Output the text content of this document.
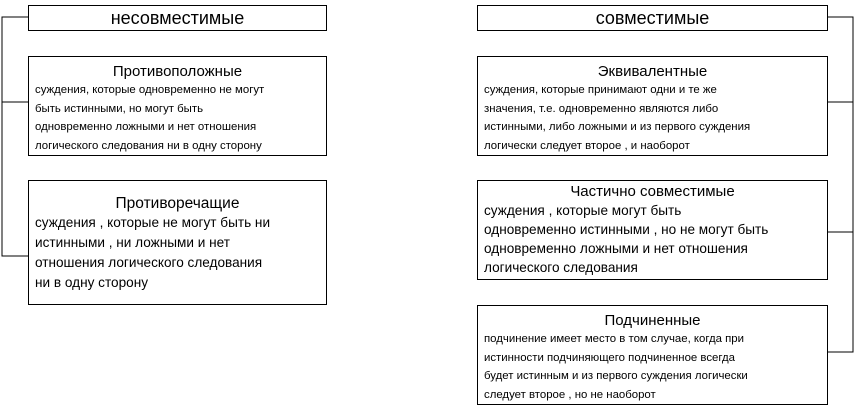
несовместимые
Противоположные
суждения, которые одновременно не могут
быть истинными, но могут быть
одновременно ложными и нет отношения
логического следования ни в одну сторону
Противоречащие
суждения , которые не могут быть ни
истинными , ни ложными и нет
отношения логического следования
ни в одну сторону
совместимые
Эквивалентные
суждения, которые принимают одни и те же
значения, т.е. одновременно являются либо
истинными, либо ложными и из первого суждения
логически следует второе , и наоборот
Частично совместимые
суждения , которые могут быть
одновременно истинными , но не могут быть
одновременно ложными и нет отношения
логического следования
Подчиненные
подчинение имеет место в том случае, когда при
истинности подчиняющего подчиненное всегда
будет истинным и из первого суждения логически
следует второе , но не наоборот
